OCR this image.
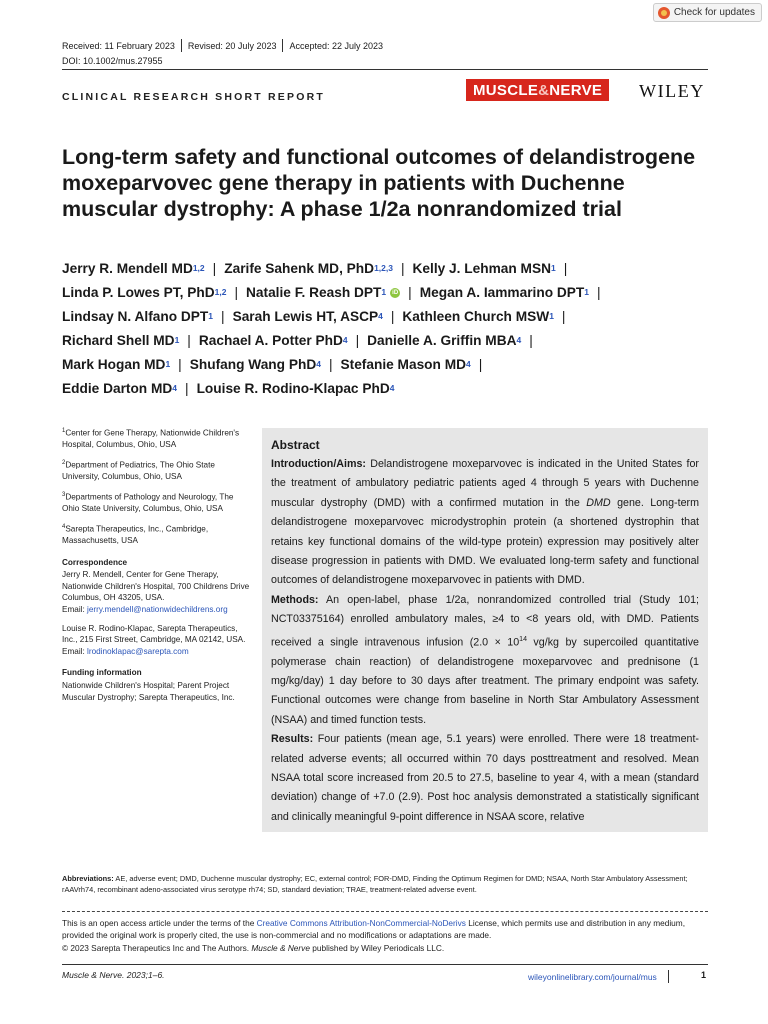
Check for updates
Received: 11 February 2023 Revised: 20 July 2023 Accepted: 22 July 2023
DOI: 10.1002/mus.27955
CLINICAL RESEARCH SHORT REPORT	MUSCLE & NERVE WILEY
Long-term safety and functional outcomes of delandistrogene moxeparvovec gene therapy in patients with Duchenne muscular dystrophy: A phase 1/2a nonrandomized trial
Jerry R. Mendell MD$^{1,2}$ | Zarife Sahenk MD, PhD$^{1,2,3}$ | Kelly J. Lehman MSN$^1$ |
Linda P. Lowes PT, PhD$^{1,2}$ | Natalie F. Reash DPT$^1$ iD | Megan A. Iammarino DPT$^1$ |
Lindsay N. Alfano DPT$^1$ | Sarah Lewis HT, ASCP$^4$ | Kathleen Church MSW$^1$ |
Richard Shell $MD^1$ | Rachael A. Potter PhD$^4$ | Danielle A. Griffin MBA$^4$ |
Mark Hogan $MD^1$ | Shufang Wang PhD$^4$ | Stefanie Mason $MD^4$ |
Eddie Darton $MD^4$ | Louise R. Rodino-Klapac PhD$^4$

$^1$Center for Gene Therapy, Nationwide Children's Hospital, Columbus, Ohio, USA

$^2$Department of Pediatrics, The Ohio State University, Columbus, Ohio, USA

$^3$Departments of Pathology and Neurology, The Ohio State University, Columbus, Ohio, USA

$^4$Sarepta Therapeutics, Inc., Cambridge, Massachusetts, USA

Correspondence

Jerry R. Mendell, Center for Gene Therapy, Nationwide Children's Hospital, 700 Childrens Drive Columbus, OH 43205, USA.
Email: jerry.mendell@nationwidechildrens.org

Louise R. Rodino-Klapac, Sarepta Therapeutics, Inc., 215 First Street, Cambridge, MA 02142, USA.
Email: lrodinoklapac@sarepta.com

Funding information

Nationwide Children's Hospital; Parent Project Muscular Dystrophy; Sarepta Therapeutics, Inc.

Abstract

Introduction/Aims: Delandistrogene moxeparvovec is indicated in the United States for the treatment of ambulatory pediatric patients aged 4 through 5 years with Duchenne muscular dystrophy (DMD) with a confirmed mutation in the DMD gene. Long-term delandistrogene moxeparvovec microdystrophin protein (a shortened dystrophin that retains key functional domains of the wild-type protein) expression may positively alter disease progression in patients with DMD. We evaluated long-term safety and functional outcomes of delandistrogene moxeparvovec in patients with DMD.

Methods: An open-label, phase 1/2a, nonrandomized controlled trial (Study 101; NCT03375164) enrolled ambulatory males, ≥4 to <8 years old, with DMD. Patients received a single intravenous infusion ($2.0 \times 10^{14}$ vg/kg by supercoiled quantitative polymerase chain reaction) of delandistrogene moxeparvovec and prednisone (1 mg/kg/day) 1 day before to 30 days after treatment. The primary endpoint was safety. Functional outcomes were change from baseline in North Star Ambulatory Assessment (NSAA) and timed function tests.

Results: Four patients (mean age, 5.1 years) were enrolled. There were 18 treatment-related adverse events; all occurred within 70 days posttreatment and resolved. Mean NSAA total score increased from 20.5 to 27.5, baseline to year 4, with a mean (standard deviation) change of +7.0 (2.9). Post hoc analysis demonstrated a statistically significant and clinically meaningful 9-point difference in NSAA score, relative

Abbreviations: AE, adverse event; DMD, Duchenne muscular dystrophy; EC, external control; FOR-DMD, Finding the Optimum Regimen for DMD; NSAA, North Star Ambulatory Assessment; rAAVrh74, recombinant adeno-associated virus serotype rh74; SD, standard deviation; TRAE, treatment-related adverse event.
This is an open access article under the terms of the Creative Commons Attribution-NonCommercial-NoDerivs License, which permits use and distribution in any medium, provided the original work is properly cited, the use is non-commercial and no modifications or adaptations are made.
© 2023 Sarepta Therapeutics Inc and The Authors. Muscle & Nerve published by Wiley Periodicals LLC.
Muscle & Nerve. 2023;1–6.	wileyonlinelibrary.com/journal/mus	1
